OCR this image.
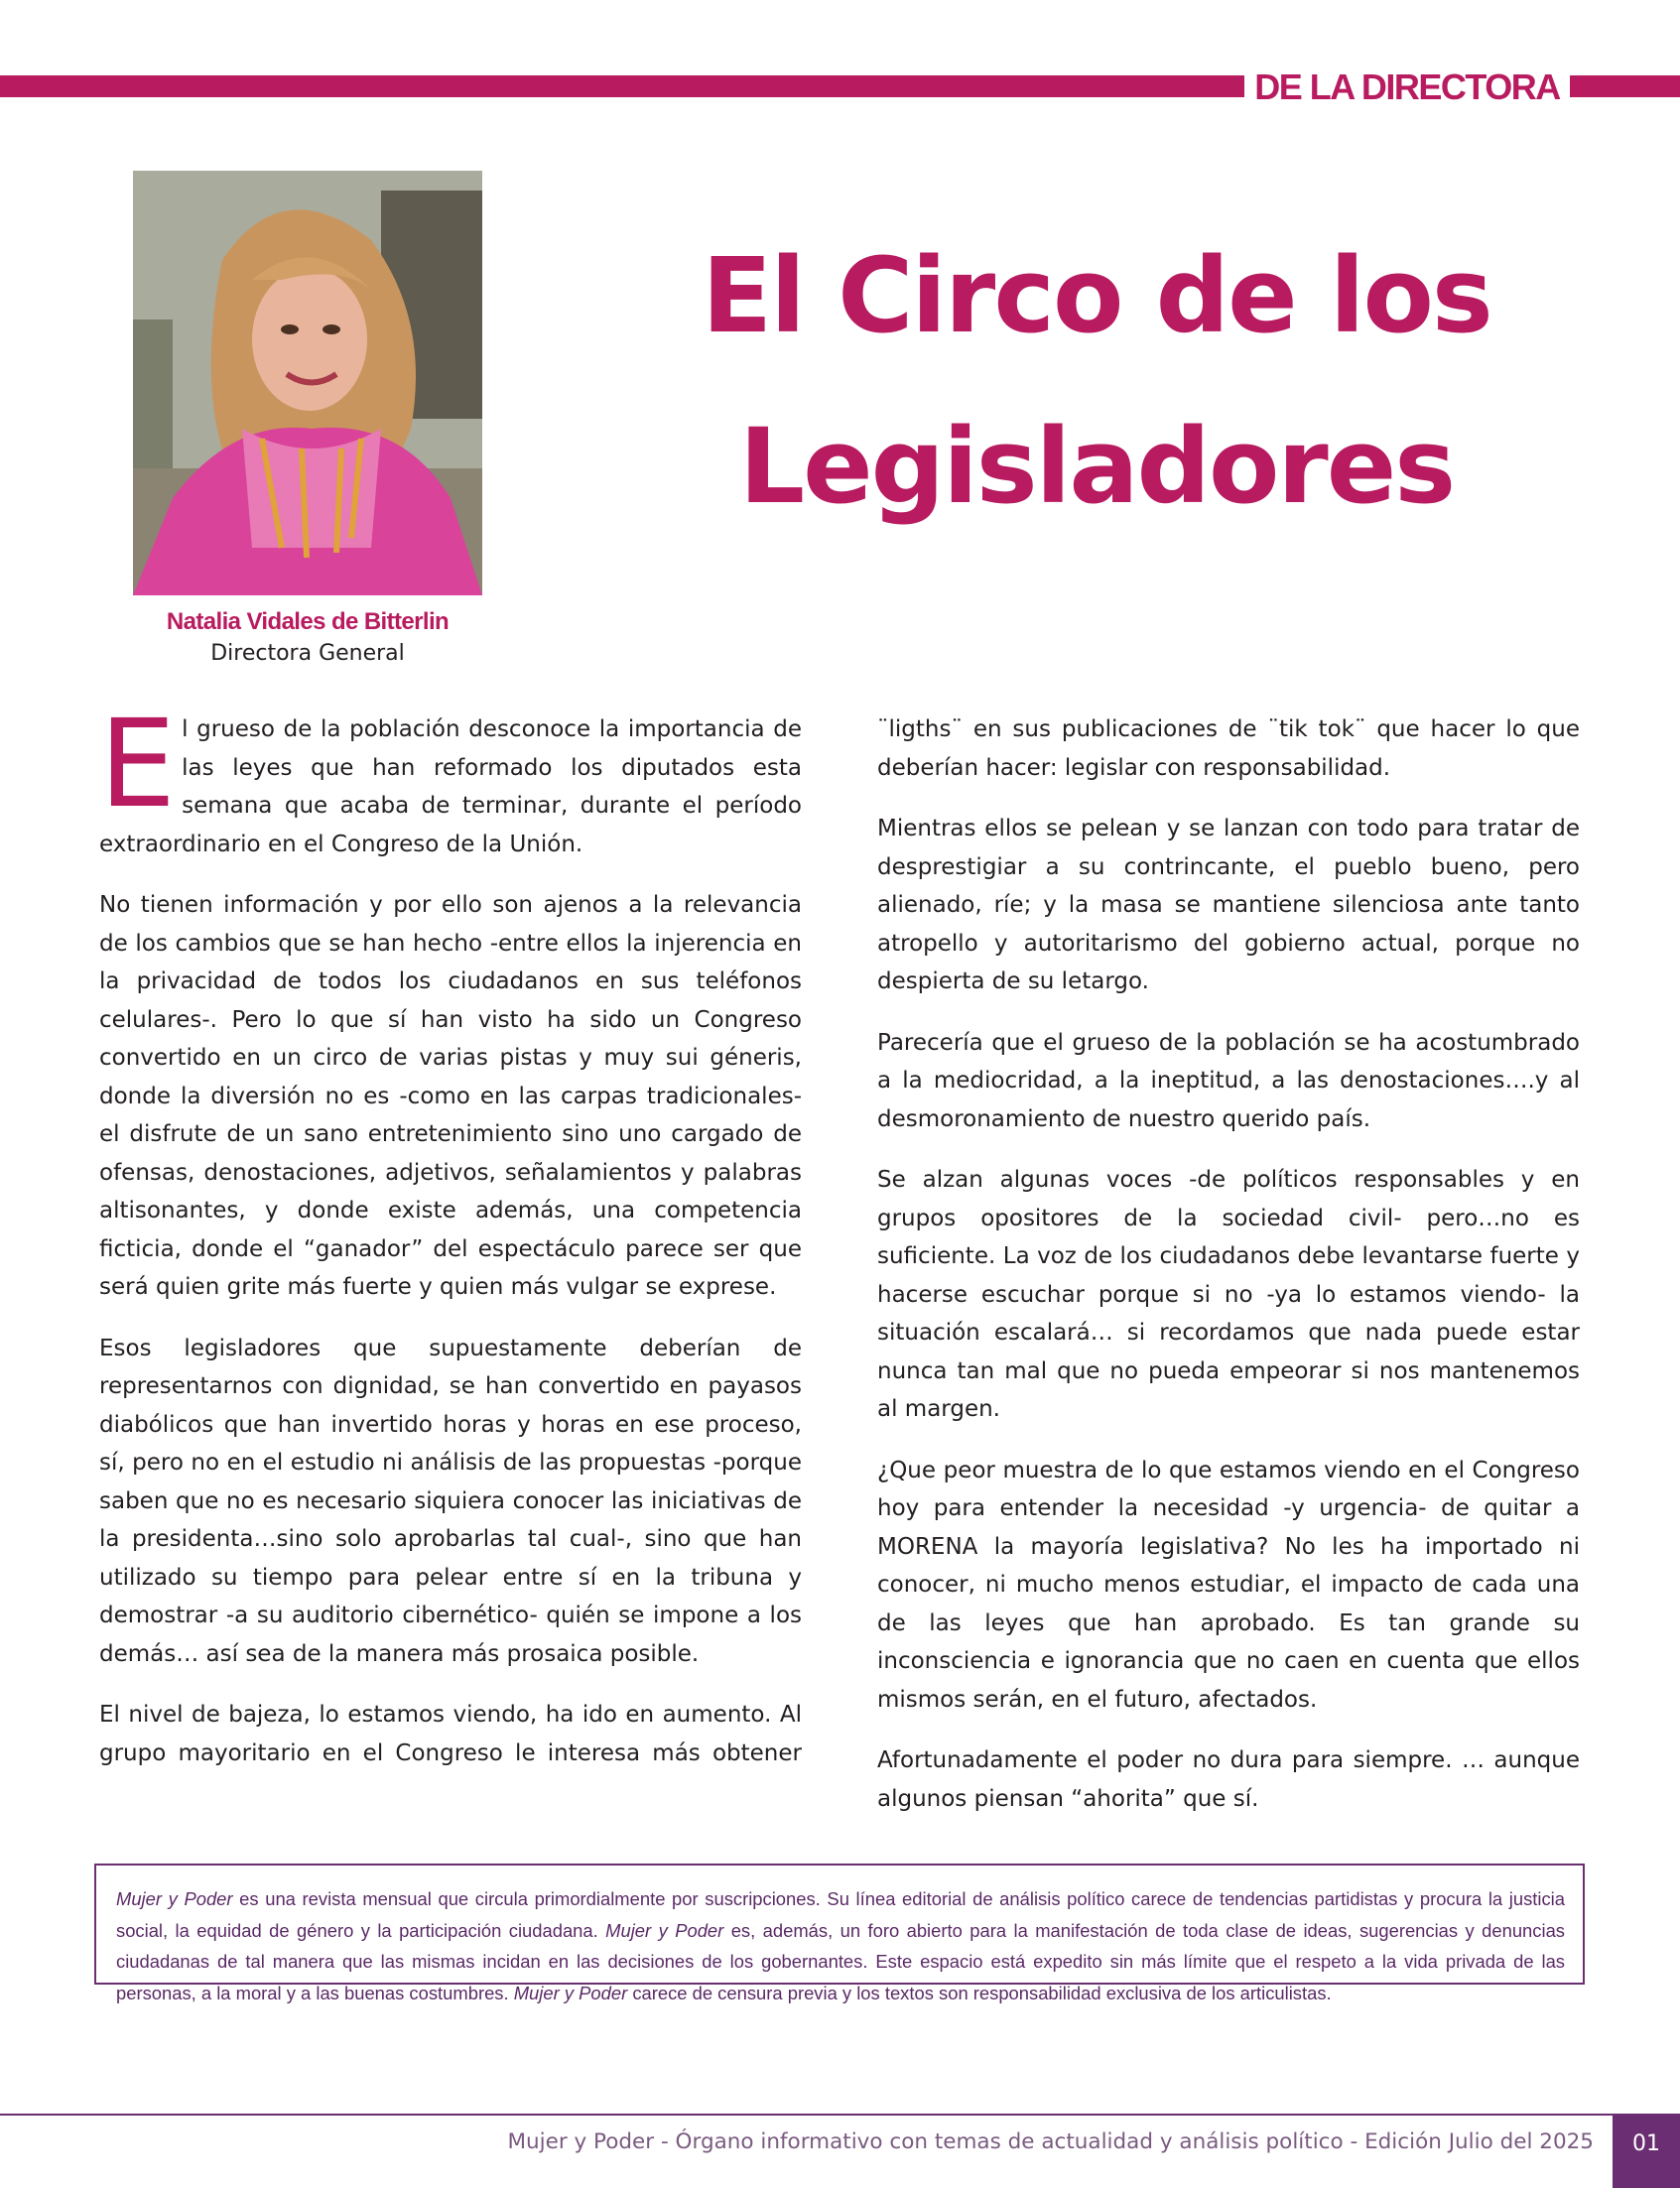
DE LA DIRECTORA
Natalia Vidales de Bitterlin
Directora General
El Circo de los
Legisladores

El grueso de la población desconoce la importancia de las leyes que han reformado los diputados esta semana que acaba de terminar, durante el período extraordinario en el Congreso de la Unión.

No tienen información y por ello son ajenos a la relevancia de los cambios que se han hecho -entre ellos la injerencia en la privacidad de todos los ciudadanos en sus teléfonos celulares-. Pero lo que sí han visto ha sido un Congreso convertido en un circo de varias pistas y muy sui géneris, donde la diversión no es -como en las carpas tradicionales- el disfrute de un sano entretenimiento sino uno cargado de ofensas, denostaciones, adjetivos, señalamientos y palabras altisonantes, y donde existe además, una competencia ficticia, donde el “ganador” del espectáculo parece ser que será quien grite más fuerte y quien más vulgar se exprese.

Esos legisladores que supuestamente deberían de representarnos con dignidad, se han convertido en payasos diabólicos que han invertido horas y horas en ese proceso, sí, pero no en el estudio ni análisis de las propuestas -porque saben que no es necesario siquiera conocer las iniciativas de la presidenta…sino solo aprobarlas tal cual-, sino que han utilizado su tiempo para pelear entre sí en la tribuna y demostrar -a su auditorio cibernético- quién se impone a los demás… así sea de la manera más prosaica posible.

El nivel de bajeza, lo estamos viendo, ha ido en aumento. Al grupo mayoritario en el Congreso le interesa más obtener

¨ligths¨ en sus publicaciones de ¨tik tok¨ que hacer lo que deberían hacer: legislar con responsabilidad.

Mientras ellos se pelean y se lanzan con todo para tratar de desprestigiar a su contrincante, el pueblo bueno, pero alienado, ríe; y la masa se mantiene silenciosa ante tanto atropello y autoritarismo del gobierno actual, porque no despierta de su letargo.

Parecería que el grueso de la población se ha acostumbrado a la mediocridad, a la ineptitud, a las denostaciones….y al desmoronamiento de nuestro querido país.

Se alzan algunas voces -de políticos responsables y en grupos opositores de la sociedad civil- pero…no es suficiente. La voz de los ciudadanos debe levantarse fuerte y hacerse escuchar porque si no -ya lo estamos viendo- la situación escalará… si recordamos que nada puede estar nunca tan mal que no pueda empeorar si nos mantenemos al margen.

¿Que peor muestra de lo que estamos viendo en el Congreso hoy para entender la necesidad -y urgencia- de quitar a MORENA la mayoría legislativa? No les ha importado ni conocer, ni mucho menos estudiar, el impacto de cada una de las leyes que han aprobado. Es tan grande su inconsciencia e ignorancia que no caen en cuenta que ellos mismos serán, en el futuro, afectados.

Afortunadamente el poder no dura para siempre. … aunque algunos piensan “ahorita” que sí.

Mujer y Poder es una revista mensual que circula primordialmente por suscripciones. Su línea editorial de análisis político carece de tendencias partidistas y procura la justicia social, la equidad de género y la participación ciudadana. Mujer y Poder es, además, un foro abierto para la manifestación de toda clase de ideas, sugerencias y denuncias ciudadanas de tal manera que las mismas incidan en las decisiones de los gobernantes. Este espacio está expedito sin más límite que el respeto a la vida privada de las personas, a la moral y a las buenas costumbres. Mujer y Poder carece de censura previa y los textos son responsabilidad exclusiva de los articulistas.
Mujer y Poder - Órgano informativo con temas de actualidad y análisis político - Edición Julio del 2025	01
